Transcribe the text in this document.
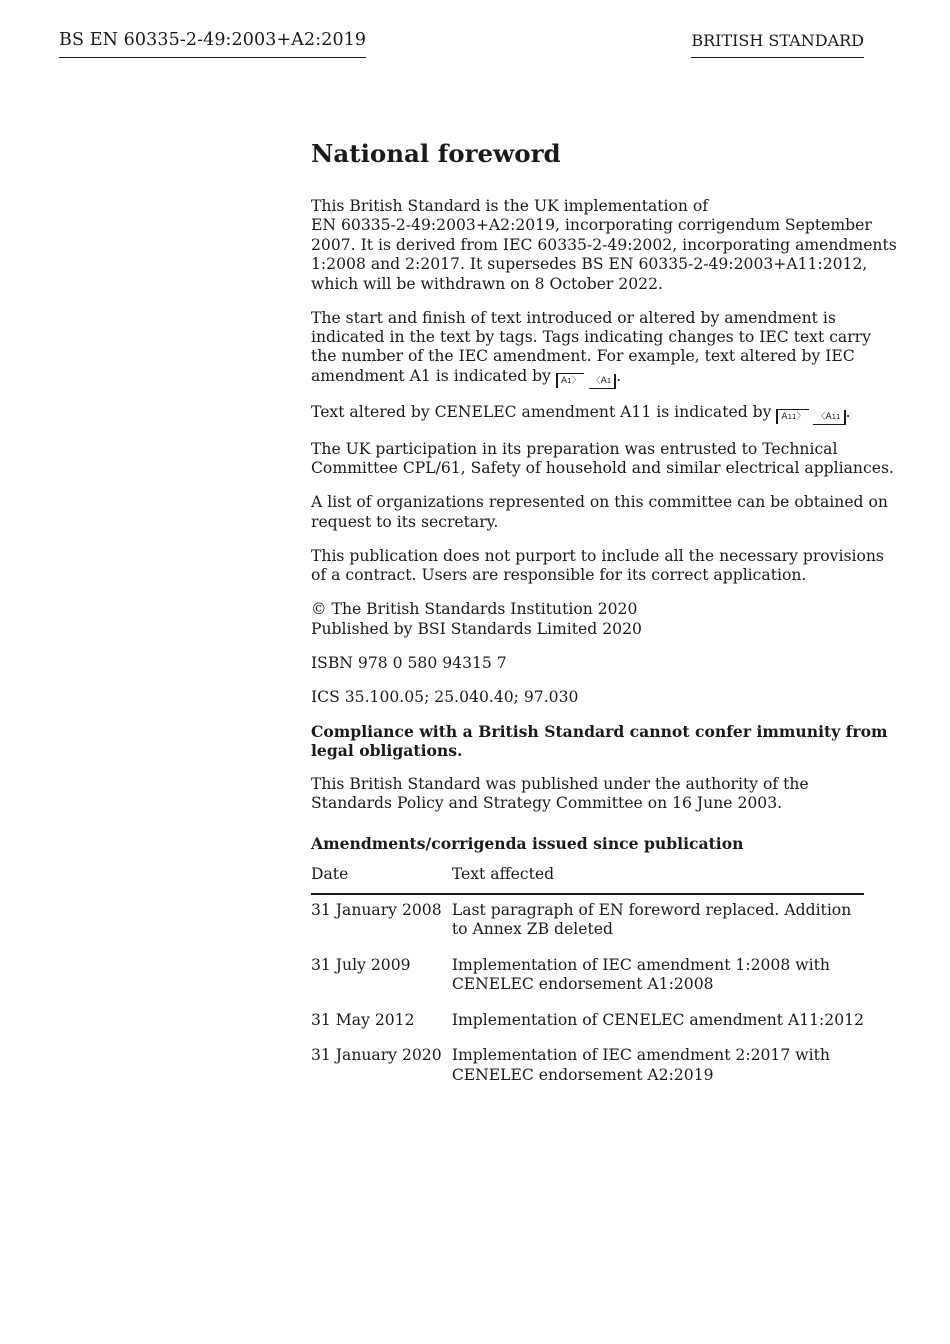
BS EN 60335-2-49:2003+A2:2019	BRITISH STANDARD
National foreword

This British Standard is the UK implementation of
EN 60335-2-49:2003+A2:2019, incorporating corrigendum September
2007. It is derived from IEC 60335-2-49:2002, incorporating amendments
1:2008 and 2:2017. It supersedes BS EN 60335-2-49:2003+A11:2012,
which will be withdrawn on 8 October 2022.

The start and finish of text introduced or altered by amendment is
indicated in the text by tags. Tags indicating changes to IEC text carry
the number of the IEC amendment. For example, text altered by IEC
amendment A1 is indicated by A1〉 〈A1 .

Text altered by CENELEC amendment A11 is indicated by A11〉 〈A11 .

The UK participation in its preparation was entrusted to Technical
Committee CPL/61, Safety of household and similar electrical appliances.

A list of organizations represented on this committee can be obtained on
request to its secretary.

This publication does not purport to include all the necessary provisions
of a contract. Users are responsible for its correct application.

© The British Standards Institution 2020
Published by BSI Standards Limited 2020

ISBN 978 0 580 94315 7

ICS 35.100.05; 25.040.40; 97.030

Compliance with a British Standard cannot confer immunity from
legal obligations.

This British Standard was published under the authority of the
Standards Policy and Strategy Committee on 16 June 2003.

Amendments/corrigenda issued since publication
Date	Text affected
31 January 2008	Last paragraph of EN foreword replaced. Addition
to Annex ZB deleted

31 July 2009	Implementation of IEC amendment 1:2008 with
CENELEC endorsement A1:2008

31 May 2012	Implementation of CENELEC amendment A11:2012

31 January 2020	Implementation of IEC amendment 2:2017 with
CENELEC endorsement A2:2019
